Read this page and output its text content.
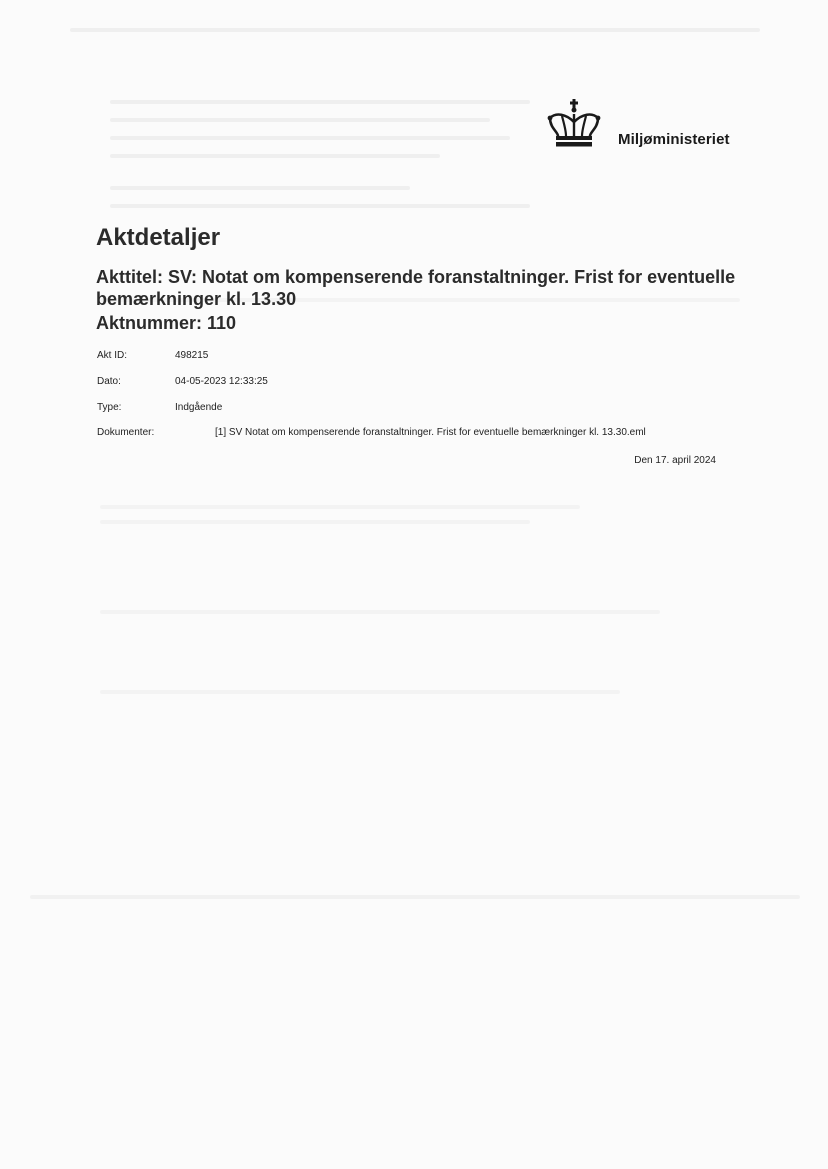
Miljøministeriet
Aktdetaljer
Akttitel: SV: Notat om kompenserende foranstaltninger. Frist for eventuelle bemærkninger kl. 13.30
Aktnummer: 110
Akt ID:	498215
Dato:	04-05-2023 12:33:25
Type:	Indgående
Dokumenter:	[1] SV Notat om kompenserende foranstaltninger. Frist for eventuelle bemærkninger kl. 13.30.eml
Den 17. april 2024
